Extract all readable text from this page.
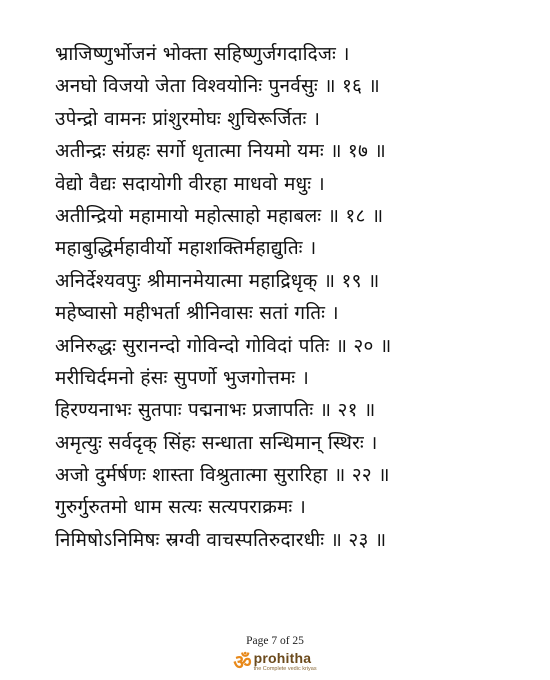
भ्राजिष्णुर्भोजनं भोक्ता सहिष्णुर्जगदादिजः ।
अनघो विजयो जेता विश्वयोनिः पुनर्वसुः ॥ १६ ॥
उपेन्द्रो वामनः प्रांशुरमोघः शुचिरूर्जितः ।
अतीन्द्रः संग्रहः सर्गो धृतात्मा नियमो यमः ॥ १७ ॥
वेद्यो वैद्यः सदायोगी वीरहा माधवो मधुः ।
अतीन्द्रियो महामायो महोत्साहो महाबलः ॥ १८ ॥
महाबुद्धिर्महावीर्यो महाशक्तिर्महाद्युतिः ।
अनिर्देश्यवपुः श्रीमानमेयात्मा महाद्रिधृक् ॥ १९ ॥
महेष्वासो महीभर्ता श्रीनिवासः सतां गतिः ।
अनिरुद्धः सुरानन्दो गोविन्दो गोविदां पतिः ॥ २० ॥
मरीचिर्दमनो हंसः सुपर्णो भुजगोत्तमः ।
हिरण्यनाभः सुतपाः पद्मनाभः प्रजापतिः ॥ २१ ॥
अमृत्युः सर्वदृक् सिंहः सन्धाता सन्धिमान् स्थिरः ।
अजो दुर्मर्षणः शास्ता विश्रुतात्मा सुरारिहा ॥ २२ ॥
गुरुर्गुरुतमो धाम सत्यः सत्यपराक्रमः ।
निमिषोऽनिमिषः स्रग्वी वाचस्पतिरुदारधीः ॥ २३ ॥
Page 7 of 25
ॐ prohitha
the Complete vedic kriyas
